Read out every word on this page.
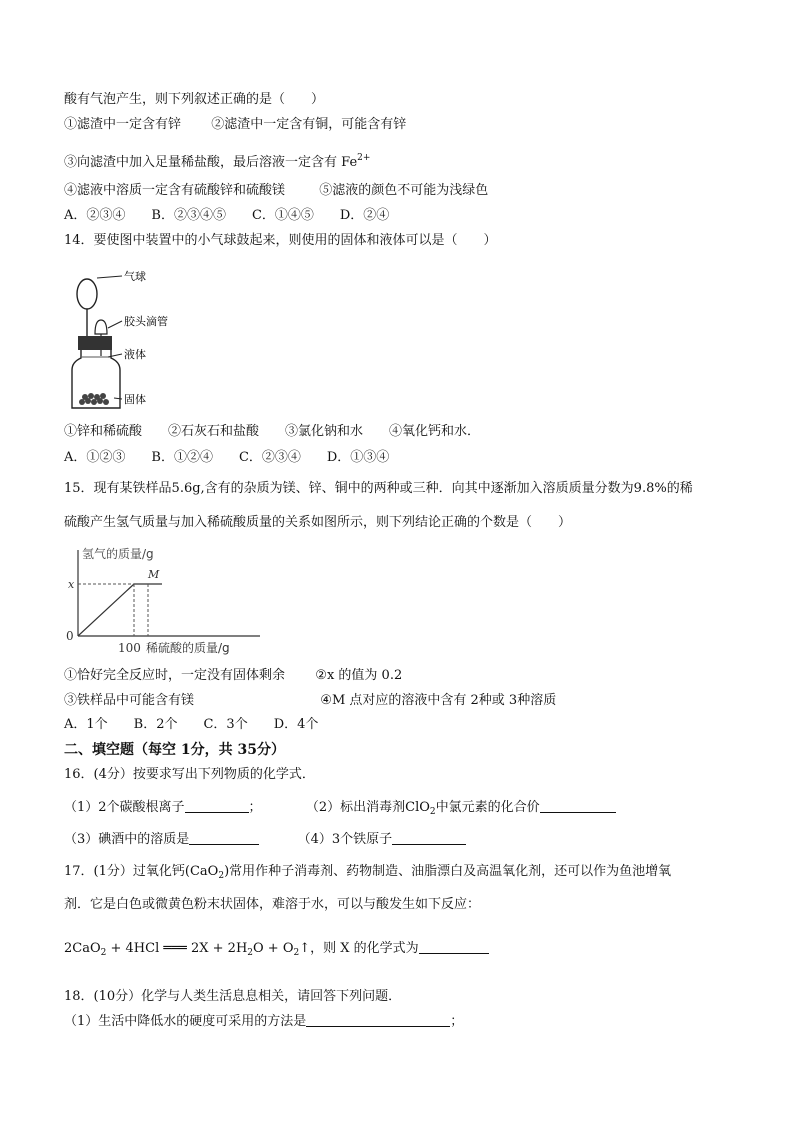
酸有气泡产生，则下列叙述正确的是（　　）
①滤渣中一定含有锌 ②滤渣中一定含有铜，可能含有锌
③向滤渣中加入足量稀盐酸，最后溶液一定含有 $Fe^{2+}$
④滤液中溶质一定含有硫酸锌和硫酸镁	⑤滤液的颜色不可能为浅绿色
A．②③④　　B．②③④⑤　　C．①④⑤　　D．②④
14．要使图中装置中的小气球鼓起来，则使用的固体和液体可以是（　　）
气球
胶头滴管
液体
固体
①锌和稀硫酸　　②石灰石和盐酸　　③氯化钠和水　　④氧化钙和水．
A．①②③　　B．①②④　　C．②③④　　D．①③④
15．现有某铁样品5.6g,含有的杂质为镁、锌、铜中的两种或三种．向其中逐渐加入溶质质量分数为9.8%的稀
硫酸产生氢气质量与加入稀硫酸质量的关系如图所示，则下列结论正确的个数是（　　）
氢气的质量/g
0
x
100 稀硫酸的质量/g
M
①恰好完全反应时，一定没有固体剩余 ②x 的值为 0.2
③铁样品中可能含有镁	④M 点对应的溶液中含有 2种或 3种溶质
A．1个　　B．2个　　C．3个　　D．4个
二、填空题（每空 1分，共 35分）
16．(4分）按要求写出下列物质的化学式．
（1）2个碳酸根离子	；	（2）标出消毒剂ClO$_2$中氯元素的化合价
（3）碘酒中的溶质是	（4）3个铁原子
17．(1分）过氧化钙(CaO$_2$)常用作种子消毒剂、药物制造、油脂漂白及高温氧化剂，还可以作为鱼池增氧
剂．它是白色或微黄色粉末状固体，难溶于水，可以与酸发生如下反应：
2CaO$_2$ + 4HCl ═══ $2X + 2H_2O$ + $O_2↑$，则 X 的化学式为
18．(10分）化学与人类生活息息相关，请回答下列问题．
（1）生活中降低水的硬度可采用的方法是	；
